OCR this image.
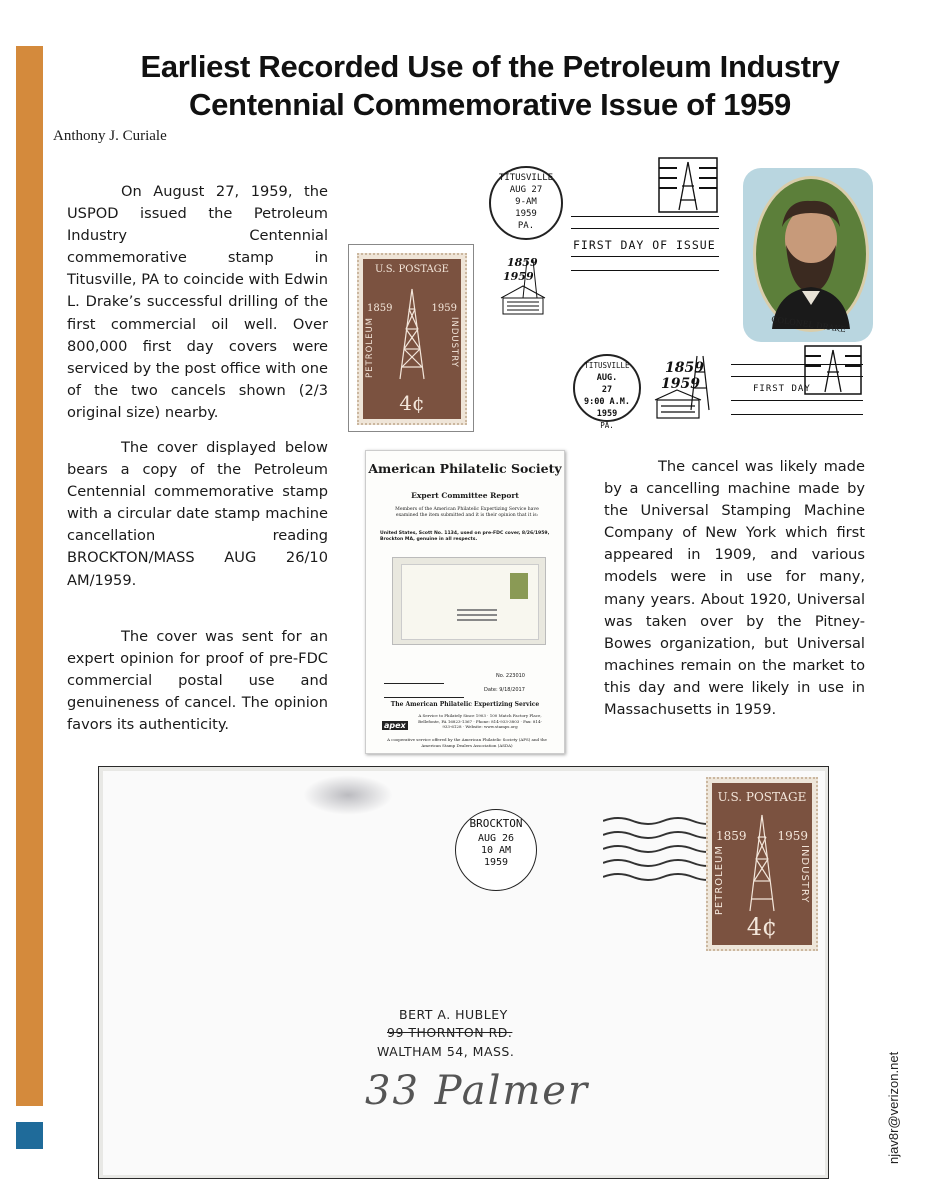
Earliest Recorded Use of the Petroleum Industry
Centennial Commemorative Issue of 1959
Anthony J. Curiale
On August 27, 1959, the USPOD issued the Petroleum Industry Centennial commemorative stamp in Titusville, PA to coincide with Edwin L. Drake’s successful drilling of the first commercial oil well. Over 800,000 first day covers were serviced by the post office with one of the two cancels shown (2/3 original size) nearby.
The cover displayed below bears a copy of the Petroleum Centennial commemorative stamp with a circular date stamp machine cancellation reading BROCKTON/MASS AUG 26/10 AM/1959.
The cover was sent for an expert opinion for proof of pre-FDC commercial postal use and genuineness of cancel. The opinion favors its authenticity.
The cancel was likely made by a cancelling machine made by the Universal Stamping Machine Company of New York which first appeared in 1909, and various models were in use for many, many years. About 1920, Universal was taken over by the Pitney-Bowes organization, but Universal machines remain on the market to this day and were likely in use in Massachusetts in 1959.
U.S. POSTAGE
1859	1959
PETROLEUM	INDUSTRY
4¢
TITUSVILLE
AUG 27
9-AM
1959
PA.
FIRST DAY OF ISSUE
1859
1959
COLONEL DRAKE
TITUSVILLE
AUG.
27
9:00 A.M.
1959
PA.
1859
1959	FIRST DAY
American Philatelic Society
Expert Committee Report
Members of the American Philatelic Expertizing Service have examined the item submitted and it is their opinion that it is:
United States, Scott No. 1134, used on pre-FDC cover, 8/26/1959, Brockton MA, genuine in all respects.
No. 223010
Date: 9/18/2017
The American Philatelic Expertizing Service
apex
A Service to Philately Since 1903 · 100 Match Factory Place, Bellefonte, PA 16823-1367 · Phone: 814-933-3803 · Fax: 814-933-6128 · Website: www.stamps.org
A cooperative service offered by the American Philatelic Society (APS) and the American Stamp Dealers Association (ASDA)
BROCKTON
AUG 26
10 AM
1959
U.S. POSTAGE
1859	1959
PETROLEUM	INDUSTRY
4¢
BERT A. HUBLEY
99 THORNTON RD.
WALTHAM 54, MASS.
33 Palmer	njav8r@verizon.net
